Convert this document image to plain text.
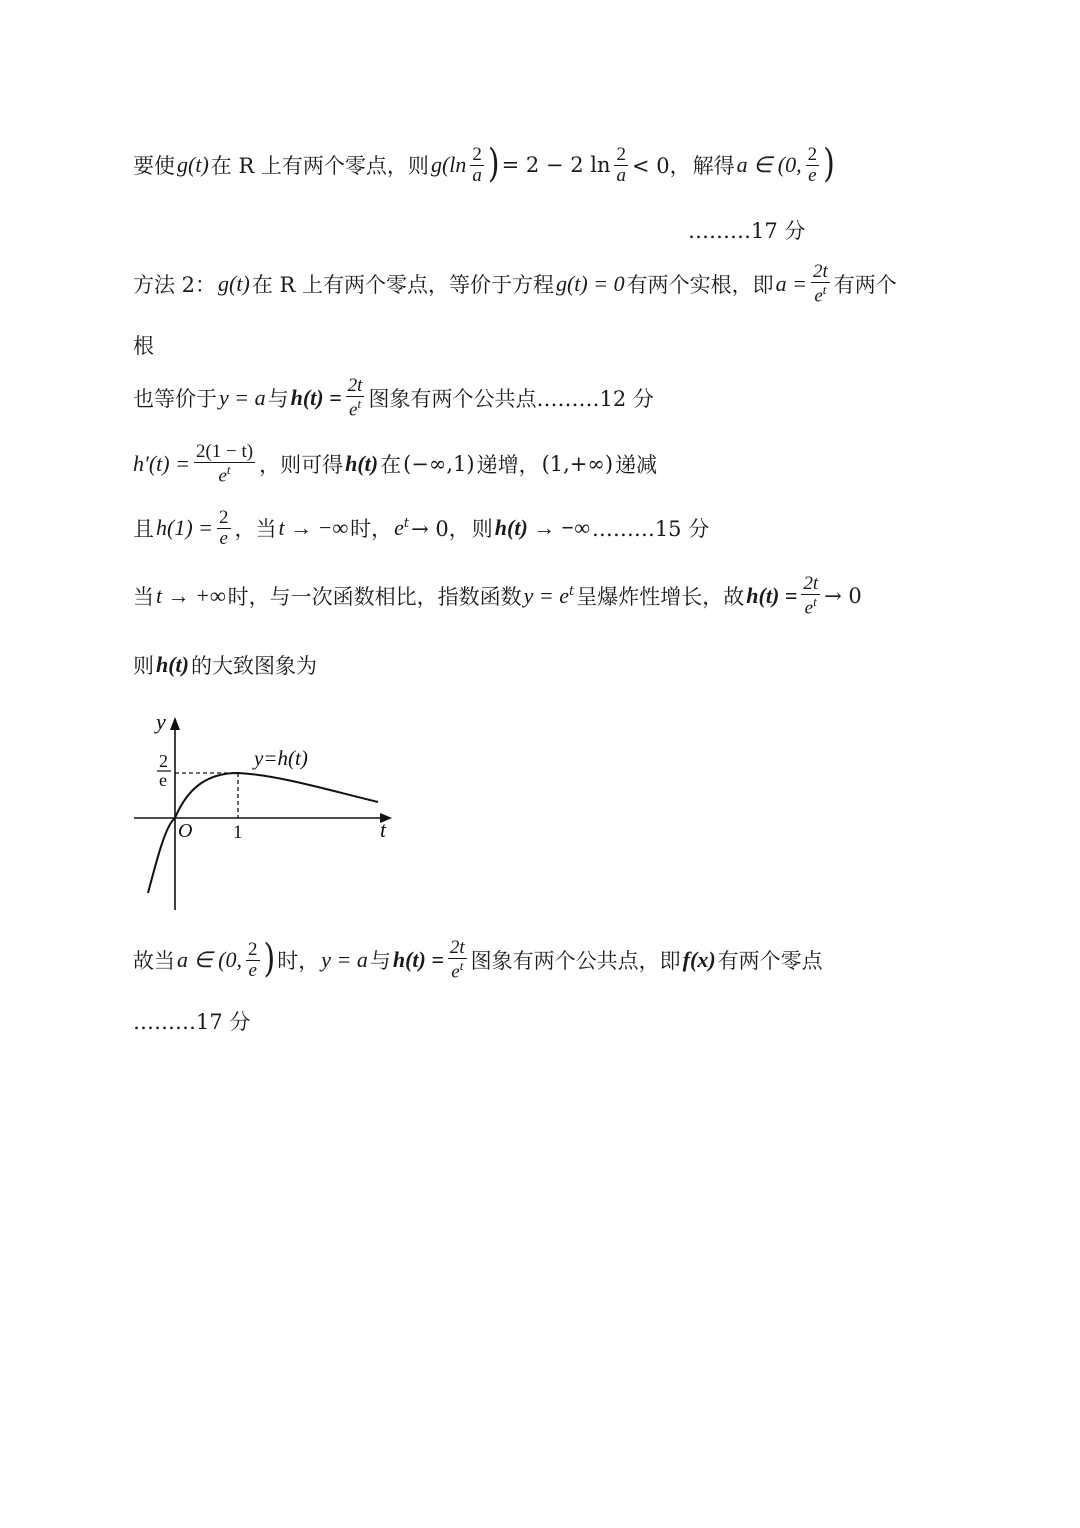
要使 g(t) 在 R 上有两个零点，则 $g(\ln \frac{2}{a}$ ) = 2 − 2 $\ln \frac{2}{a} < 0$， 解得 a ∈ (0, $\frac{2}{e}$ )
………17 分
方法 2： g(t) 在 R 上有两个零点，等价于方程 g(t) = 0 有两个实根，即 $a = \frac{2t}{e^t}$ 有两个
根
也等价于 y = a 与 $h(t) = \frac{2t}{e^t}$ 图象有两个公共点………12 分
$h'(t) = \frac{2(1 - t)}{e^t}$ ，则可得 h(t) 在 (−∞,1) 递增， (1,+∞) 递减
且 $h(1) = \frac{2}{e}$ ，当 t → −∞ 时， $e^t \to 0$， 则 h(t) → −∞ ………15 分
当 t → +∞ 时，与一次函数相比，指数函数 $y = e^t$ 呈爆炸性增长，故 $h(t) = \frac{2t}{e^t} \to 0$
则 h(t) 的大致图象为
y
t
O 1
2
e
y=h(t)
故当 a ∈ (0, $\frac{2}{e}$ ) 时， y = a 与 $h(t) = \frac{2t}{e^t}$ 图象有两个公共点，即 f(x) 有两个零点
………17 分
